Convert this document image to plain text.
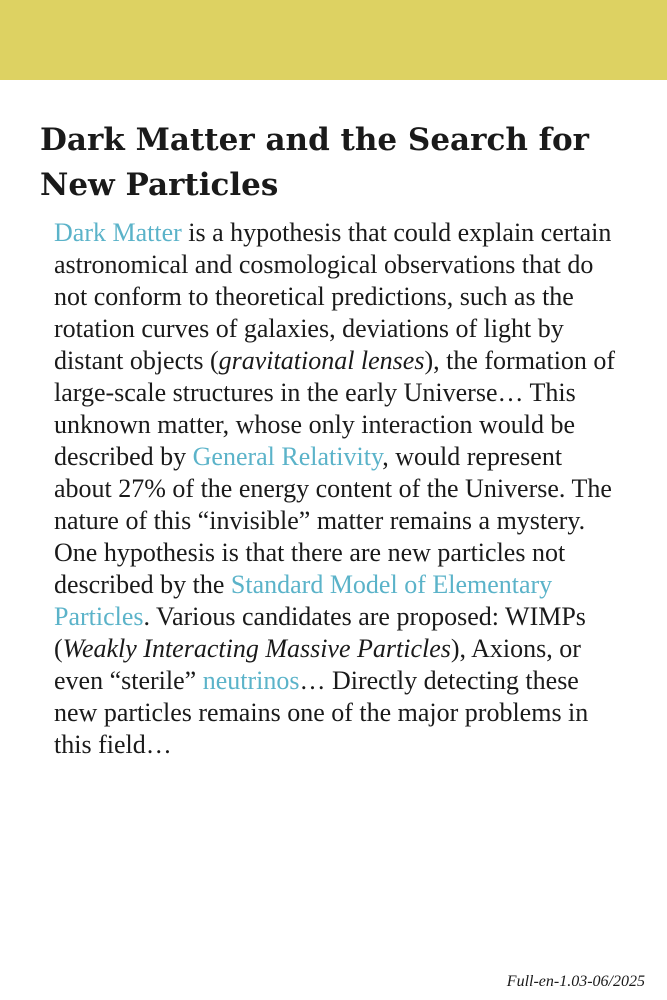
Dark Matter and the Search for New Particles

Dark Matter is a hypothesis that could explain certain astronomical and cosmological observations that do not conform to theoretical predictions, such as the rotation curves of galaxies, deviations of light by distant objects (gravitational lenses), the formation of large-scale structures in the early Universe… This unknown matter, whose only interaction would be described by General Relativity, would represent about 27% of the energy content of the Universe. The nature of this “invisible” matter remains a mystery. One hypothesis is that there are new particles not described by the Standard Model of Elementary Particles. Various candidates are proposed: WIMPs (Weakly Interacting Massive Particles), Axions, or even “sterile” neutrinos… Directly detecting these new particles remains one of the major problems in this field…

Full-en-1.03-06/2025
